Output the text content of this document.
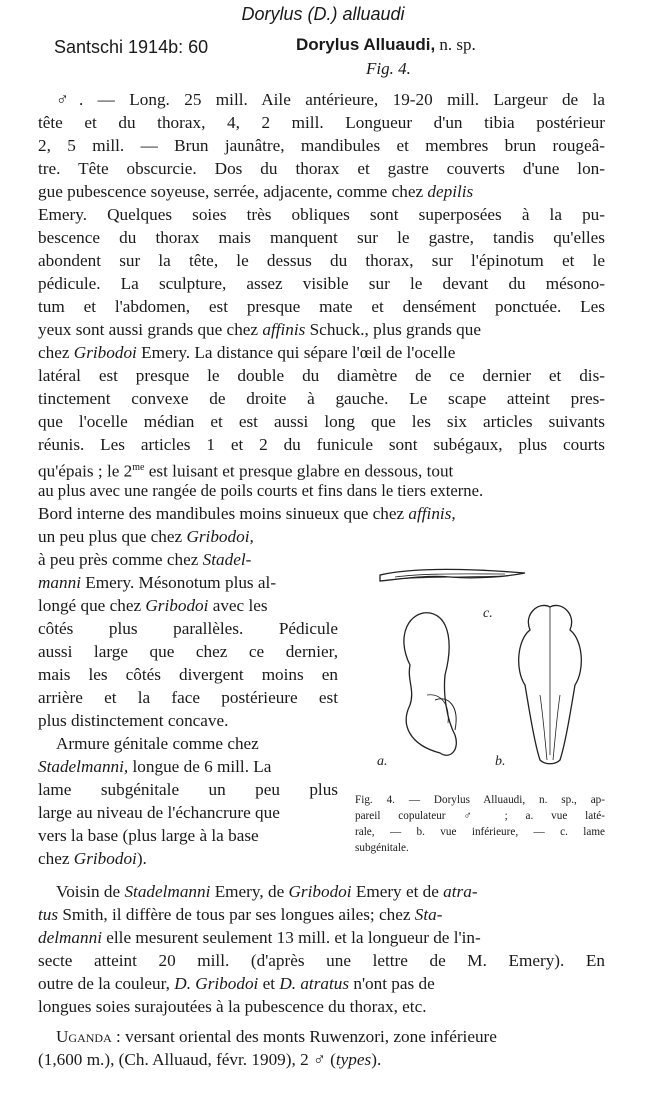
Dorylus (D.) alluaudi
Santschi 1914b: 60	Dorylus Alluaudi, n. sp.
Fig. 4.
♂. — Long. 25 mill. Aile antérieure, 19-20 mill. Largeur de la
tête et du thorax, 4, 2 mill. Longueur d'un tibia postérieur
2, 5 mill. — Brun jaunâtre, mandibules et membres brun rougeâ-
tre. Tête obscurcie. Dos du thorax et gastre couverts d'une lon-
gue pubescence soyeuse, serrée, adjacente, comme chez depilis
Emery. Quelques soies très obliques sont superposées à la pu-
bescence du thorax mais manquent sur le gastre, tandis qu'elles
abondent sur la tête, le dessus du thorax, sur l'épinotum et le
pédicule. La sculpture, assez visible sur le devant du mésono-
tum et l'abdomen, est presque mate et densément ponctuée. Les
yeux sont aussi grands que chez affinis Schuck., plus grands que
chez Gribodoi Emery. La distance qui sépare l'œil de l'ocelle
latéral est presque le double du diamètre de ce dernier et dis-
tinctement convexe de droite à gauche. Le scape atteint pres-
que l'ocelle médian et est aussi long que les six articles suivants
réunis. Les articles 1 et 2 du funicule sont subégaux, plus courts
qu'épais ; le $2^{me}$ est luisant et presque glabre en dessous, tout
au plus avec une rangée de poils courts et fins dans le tiers externe.
Bord interne des mandibules moins sinueux que chez affinis,
un peu plus que chez Gribodoi,
à peu près comme chez Stadel-
manni Emery. Mésonotum plus al-
longé que chez Gribodoi avec les
côtés plus parallèles. Pédicule
aussi large que chez ce dernier,
mais les côtés divergent moins en
arrière et la face postérieure est
plus distinctement concave.
Armure génitale comme chez
Stadelmanni, longue de 6 mill. La
lame subgénitale un peu plus
large au niveau de l'échancrure que
vers la base (plus large à la base
chez Gribodoi).
c.
a.	b.
Fig. 4. — Dorylus Alluaudi, n. sp., ap-
pareil copulateur ♂ ; a. vue laté-
rale, — b. vue inférieure, — c. lame
subgénitale.
Voisin de Stadelmanni Emery, de Gribodoi Emery et de atra-
tus Smith, il diffère de tous par ses longues ailes; chez Sta-
delmanni elle mesurent seulement 13 mill. et la longueur de l'in-
secte atteint 20 mill. (d'après une lettre de M. Emery). En
outre de la couleur, D. Gribodoi et D. atratus n'ont pas de
longues soies surajoutées à la pubescence du thorax, etc.
Uganda : versant oriental des monts Ruwenzori, zone inférieure
(1,600 m.), (Ch. Alluaud, févr. 1909), 2 ♂ (types).
